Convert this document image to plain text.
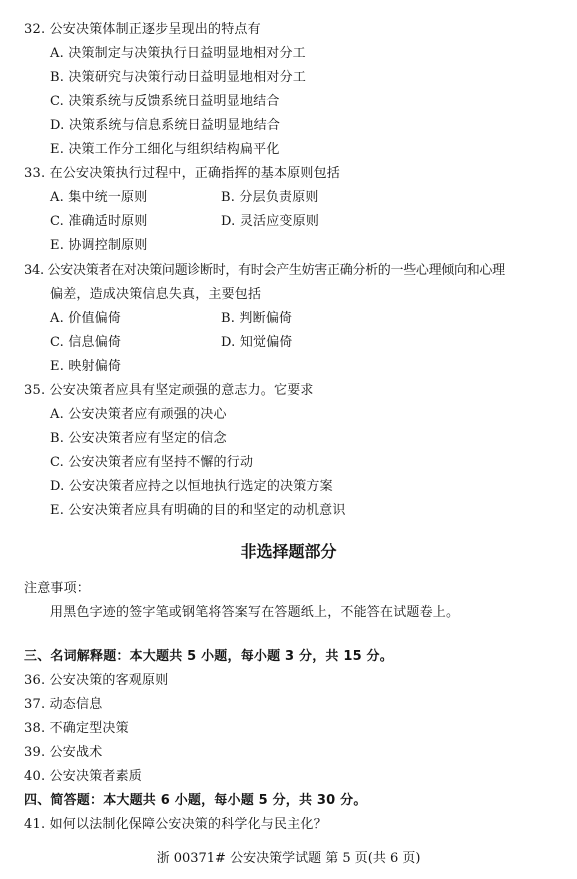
32. 公安决策体制正逐步呈现出的特点有
A. 决策制定与决策执行日益明显地相对分工
B. 决策研究与决策行动日益明显地相对分工
C. 决策系统与反馈系统日益明显地结合
D. 决策系统与信息系统日益明显地结合
E. 决策工作分工细化与组织结构扁平化
33. 在公安决策执行过程中，正确指挥的基本原则包括
A. 集中统一原则	B. 分层负责原则
C. 准确适时原则	D. 灵活应变原则
E. 协调控制原则
34. 公安决策者在对决策问题诊断时，有时会产生妨害正确分析的一些心理倾向和心理
偏差，造成决策信息失真，主要包括
A. 价值偏倚	B. 判断偏倚
C. 信息偏倚	D. 知觉偏倚
E. 映射偏倚
35. 公安决策者应具有坚定顽强的意志力。它要求
A. 公安决策者应有顽强的决心
B. 公安决策者应有坚定的信念
C. 公安决策者应有坚持不懈的行动
D. 公安决策者应持之以恒地执行选定的决策方案
E. 公安决策者应具有明确的目的和坚定的动机意识
非选择题部分
注意事项：
用黑色字迹的签字笔或钢笔将答案写在答题纸上，不能答在试题卷上。
三、名词解释题：本大题共 5 小题，每小题 3 分，共 15 分。
36. 公安决策的客观原则
37. 动态信息
38. 不确定型决策
39. 公安战术
40. 公安决策者素质
四、简答题：本大题共 6 小题，每小题 5 分，共 30 分。
41. 如何以法制化保障公安决策的科学化与民主化？
浙 00371# 公安决策学试题 第 5 页(共 6 页)
